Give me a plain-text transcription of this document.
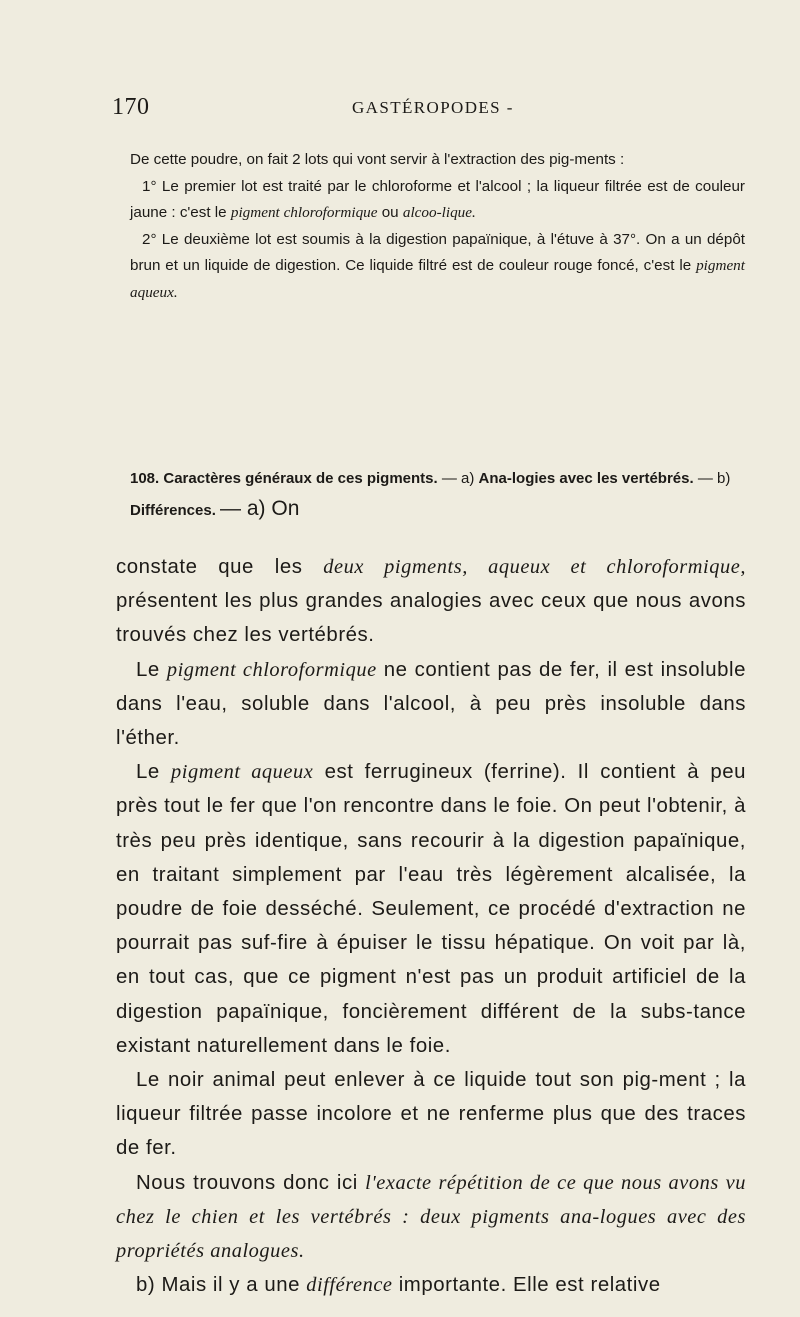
170	GASTÉROPODES -

De cette poudre, on fait 2 lots qui vont servir à l'extraction des pig-ments :

1° Le premier lot est traité par le chloroforme et l'alcool ; la liqueur filtrée est de couleur jaune : c'est le pigment chloroformique ou alcoo-lique.

2° Le deuxième lot est soumis à la digestion papaïnique, à l'étuve à 37°. On a un dépôt brun et un liquide de digestion. Ce liquide filtré est de couleur rouge foncé, c'est le pigment aqueux.

108. Caractères généraux de ces pigments. — a) Ana-logies avec les vertébrés. — b) Différences. — a) On

constate que les deux pigments, aqueux et chloroformique, présentent les plus grandes analogies avec ceux que nous avons trouvés chez les vertébrés.

Le pigment chloroformique ne contient pas de fer, il est insoluble dans l'eau, soluble dans l'alcool, à peu près insoluble dans l'éther.

Le pigment aqueux est ferrugineux (ferrine). Il contient à peu près tout le fer que l'on rencontre dans le foie. On peut l'obtenir, à très peu près identique, sans recourir à la digestion papaïnique, en traitant simplement par l'eau très légèrement alcalisée, la poudre de foie desséché. Seulement, ce procédé d'extraction ne pourrait pas suf-fire à épuiser le tissu hépatique. On voit par là, en tout cas, que ce pigment n'est pas un produit artificiel de la digestion papaïnique, foncièrement différent de la subs-tance existant naturellement dans le foie.

Le noir animal peut enlever à ce liquide tout son pig-ment ; la liqueur filtrée passe incolore et ne renferme plus que des traces de fer.

Nous trouvons donc ici l'exacte répétition de ce que nous avons vu chez le chien et les vertébrés : deux pigments ana-logues avec des propriétés analogues.

b) Mais il y a une différence importante. Elle est relative
